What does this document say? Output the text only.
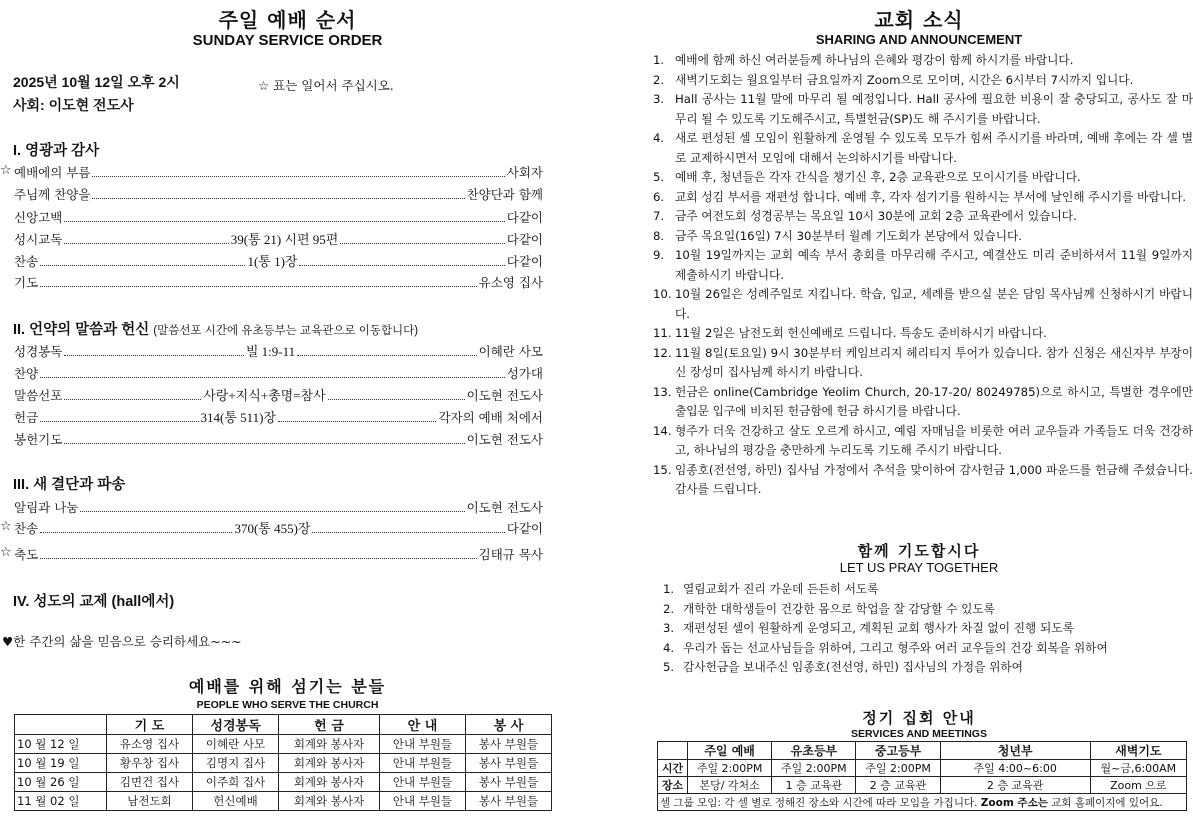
주일 예배 순서
SUNDAY SERVICE ORDER
2025년 10월 12일 오후 2시
사회: 이도현 전도사
☆ 표는 일어서 주십시오.
I. 영광과 감사
☆ 예배에의 부름	사회자
주님께 찬양을	찬양단과 함께
신앙고백	다같이
성시교독	39(통 21) 시편 95편	다같이
찬송	1(통 1)장	다같이
기도	유소영 집사
II. 언약의 말씀과 헌신 (말씀선포 시간에 유초등부는 교육관으로 이동합니다)
성경봉독	빌 1:9-11	이혜란 사모
찬양	성가대
말씀선포	사랑+지식+총명=참사	이도현 전도사
헌금	314(통 511)장	각자의 예배 처에서
봉헌기도	이도현 전도사
III. 새 결단과 파송
알림과 나눔	이도현 전도사
☆ 찬송	370(통 455)장	다같이
☆ 축도	김태규 목사
IV. 성도의 교제 (hall에서)
♥한 주간의 삶을 믿음으로 승리하세요~~~
예배를 위해 섬기는 분들
PEOPLE WHO SERVE THE CHURCH
	기 도	성경봉독	헌 금	안 내	봉 사
10 월 12 일	유소영 집사	이혜란 사모	회계와 봉사자	안내 부원들	봉사 부원들
10 월 19 일	황우창 집사	김명지 집사	회계와 봉사자	안내 부원들	봉사 부원들
10 월 26 일	김면건 집사	이주희 집사	회계와 봉사자	안내 부원들	봉사 부원들
11 월 02 일	남전도회	헌신예배	회계와 봉사자	안내 부원들	봉사 부원들
교회 소식
SHARING AND ANNOUNCEMENT
1. 예배에 함께 하신 여러분들께 하나님의 은혜와 평강이 함께 하시기를 바랍니다.
2. 새벽기도회는 월요일부터 금요일까지 Zoom으로 모이며, 시간은 6시부터 7시까지 입니다.
3. Hall 공사는 11월 말에 마무리 될 예정입니다. Hall 공사에 필요한 비용이 잘 충당되고, 공사도 잘 마무리 될 수 있도록 기도해주시고, 특별헌금(SP)도 해 주시기를 바랍니다.
4. 새로 편성된 셀 모임이 원활하게 운영될 수 있도록 모두가 힘써 주시기를 바라며, 예배 후에는 각 셀 별로 교제하시면서 모임에 대해서 논의하시기를 바랍니다.
5. 예배 후, 청년들은 각자 간식을 챙기신 후, 2층 교육관으로 모이시기를 바랍니다.
6. 교회 성김 부서를 재편성 합니다. 예배 후, 각자 섬기기를 원하시는 부서에 날인해 주시기를 바랍니다.
7. 금주 여전도회 성경공부는 목요일 10시 30분에 교회 2층 교육관에서 있습니다.
8. 금주 목요일(16일) 7시 30분부터 월례 기도회가 본당에서 있습니다.
9. 10월 19일까지는 교회 예속 부서 총회를 마무리해 주시고, 예결산도 미리 준비하셔서 11월 9일까지 제출하시기 바랍니다.
10. 10월 26일은 성례주일로 지킵니다. 학습, 입교, 세례를 받으실 분은 담임 목사님께 신청하시기 바랍니다.
11. 11월 2일은 남전도회 헌신예배로 드립니다. 특송도 준비하시기 바랍니다.
12. 11월 8일(토요일) 9시 30분부터 케임브리지 헤리티지 투어가 있습니다. 참가 신청은 새신자부 부장이신 장성미 집사님께 하시기 바랍니다.
13. 헌금은 online(Cambridge Yeolim Church, 20-17-20/ 80249785)으로 하시고, 특별한 경우에만 출입문 입구에 비치된 헌금함에 헌금 하시기를 바랍니다.
14. 형주가 더욱 건강하고 살도 오르게 하시고, 예림 자매님을 비롯한 여러 교우들과 가족들도 더욱 건강하고, 하나님의 평강을 충만하게 누리도록 기도해 주시기 바랍니다.
15. 임종호(전선영, 하민) 집사님 가정에서 추석을 맞이하여 감사헌금 1,000 파운드를 헌금해 주셨습니다. 감사를 드립니다.
함께 기도합시다
LET US PRAY TOGETHER
1. 열림교회가 진리 가운데 든든히 서도록
2. 개학한 대학생들이 건강한 몸으로 학업을 잘 감당할 수 있도록
3. 재편성된 셀이 원활하게 운영되고, 계획된 교회 행사가 차질 없이 진행 되도록
4. 우리가 돕는 선교사님들을 위하여, 그리고 형주와 여러 교우들의 건강 회복을 위하여
5. 감사헌금을 보내주신 임종호(전선영, 하민) 집사님의 가정을 위하여
정기 집회 안내
SERVICES AND MEETINGS
	주일 예배	유초등부	중고등부	청년부	새벽기도
시간	주일 2:00PM	주일 2:00PM	주일 2:00PM	주일 4:00~6:00	월~금,6:00AM
장소	본당/ 각처소	1 층 교육관	2 층 교육관	2 층 교육관	Zoom 으로
셀 그룹 모임: 각 셀 별로 정해진 장소와 시간에 따라 모임을 가집니다. Zoom 주소는 교회 홈페이지에 있어요.					
